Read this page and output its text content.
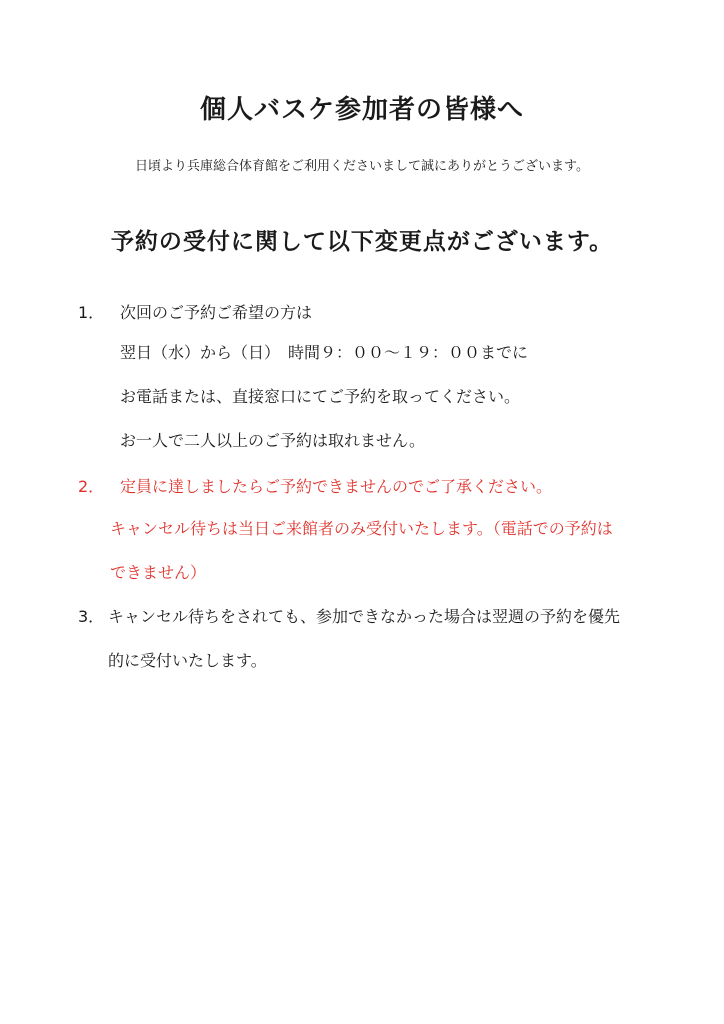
個人バスケ参加者の皆様へ
日頃より兵庫総合体育館をご利用くださいまして誠にありがとうございます。
予約の受付に関して以下変更点がございます。
1． 次回のご予約ご希望の方は
翌日（水）から（日）　時間９：００～１９：００までに
お電話または、直接窓口にてご予約を取ってください。
お一人で二人以上のご予約は取れません。
2． 定員に達しましたらご予約できませんのでご了承ください。
キャンセル待ちは当日ご来館者のみ受付いたします。（電話での予約は
できません）
3． キャンセル待ちをされても、参加できなかった場合は翌週の予約を優先
的に受付いたします。
